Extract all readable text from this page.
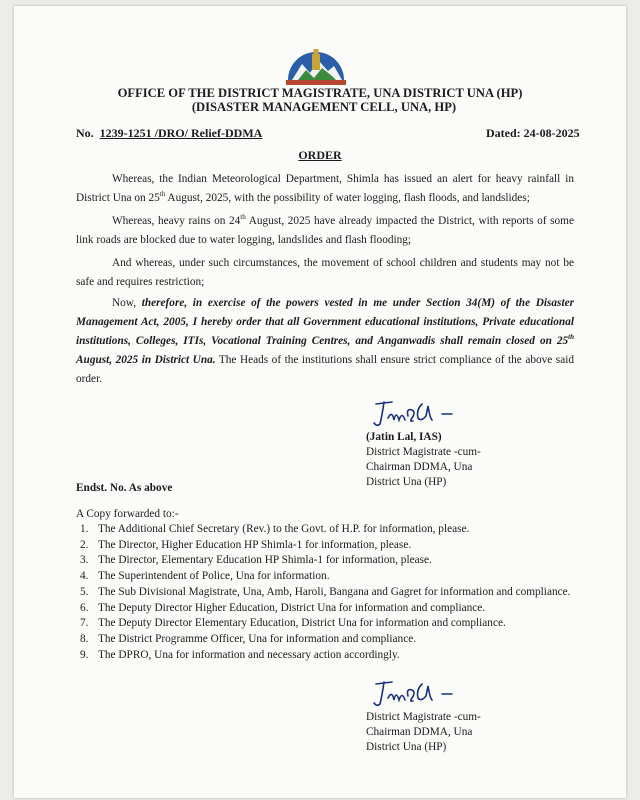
OFFICE OF THE DISTRICT MAGISTRATE, UNA DISTRICT UNA (HP)
(DISASTER MANAGEMENT CELL, UNA, HP)
No. 1239-1251 /DRO/ Relief-DDMA	Dated: 24-08-2025
ORDER
Whereas, the Indian Meteorological Department, Shimla has issued an alert for heavy rainfall in District Una on 25th August, 2025, with the possibility of water logging, flash floods, and landslides;
Whereas, heavy rains on 24th August, 2025 have already impacted the District, with reports of some link roads are blocked due to water logging, landslides and flash flooding;
And whereas, under such circumstances, the movement of school children and students may not be safe and requires restriction;
Now, therefore, in exercise of the powers vested in me under Section 34(M) of the Disaster Management Act, 2005, I hereby order that all Government educational institutions, Private educational institutions, Colleges, ITIs, Vocational Training Centres, and Anganwadis shall remain closed on 25th August, 2025 in District Una. The Heads of the institutions shall ensure strict compliance of the above said order.
(Jatin Lal, IAS)
District Magistrate -cum-
Chairman DDMA, Una
District Una (HP)
Endst. No. As above
A Copy forwarded to:-
1. The Additional Chief Secretary (Rev.) to the Govt. of H.P. for information, please.
2. The Director, Higher Education HP Shimla-1 for information, please.
3. The Director, Elementary Education HP Shimla-1 for information, please.
4. The Superintendent of Police, Una for information.
5. The Sub Divisional Magistrate, Una, Amb, Haroli, Bangana and Gagret for information and compliance.
6. The Deputy Director Higher Education, District Una for information and compliance.
7. The Deputy Director Elementary Education, District Una for information and compliance.
8. The District Programme Officer, Una for information and compliance.
9. The DPRO, Una for information and necessary action accordingly.
District Magistrate -cum-
Chairman DDMA, Una
District Una (HP)
